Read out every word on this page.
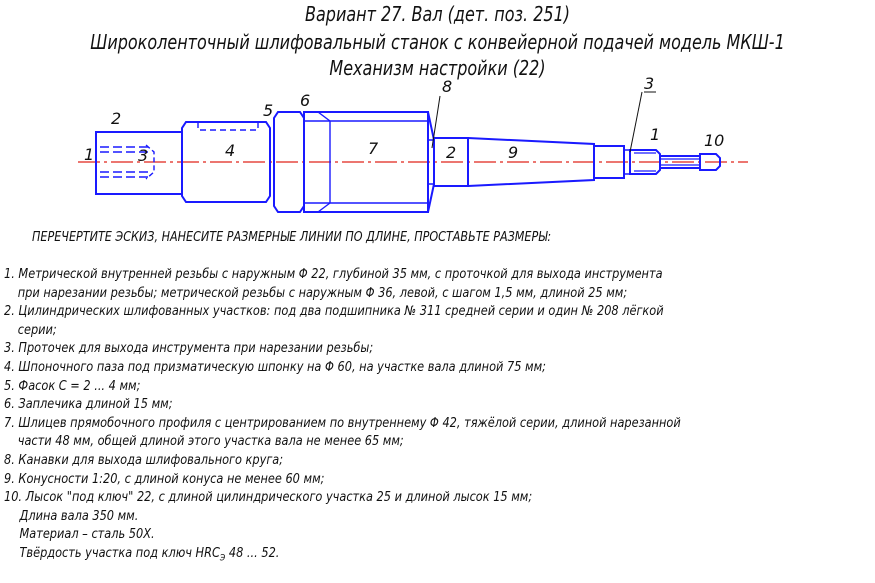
Вариант 27. Вал (дет. поз. 251)
Широколенточный шлифовальный станок с конвейерной подачей модель МКШ-1
Механизм настройки (22)
1
2
3	4
5
6
7
8
2	9
3
1	10
ПЕРЕЧЕРТИТЕ ЭСКИЗ, НАНЕСИТЕ РАЗМЕРНЫЕ ЛИНИИ ПО ДЛИНЕ, ПРОСТАВЬТЕ РАЗМЕРЫ:
1. Метрической внутренней резьбы с наружным Φ 22, глубиной 35 мм, с проточкой для выхода инструмента
при нарезании резьбы; метрической резьбы с наружным Φ 36, левой, с шагом 1,5 мм, длиной 25 мм;
2. Цилиндрических шлифованных участков: под два подшипника № 311 средней серии и один № 208 лёгкой
серии;
3. Проточек для выхода инструмента при нарезании резьбы;
4. Шпоночного паза под призматическую шпонку на Φ 60, на участке вала длиной 75 мм;
5. Фасок С = 2 ... 4 мм;
6. Заплечика длиной 15 мм;
7. Шлицев прямобочного профиля с центрированием по внутреннему Φ 42, тяжёлой серии, длиной нарезанной
части 48 мм, общей длиной этого участка вала не менее 65 мм;
8. Канавки для выхода шлифовального круга;
9. Конусности 1:20, с длиной конуса не менее 60 мм;
10. Лысок "под ключ" 22, с длиной цилиндрического участка 25 и длиной лысок 15 мм;
Длина вала 350 мм.
Материал – сталь 50Х.
Твёрдость участка под ключ $HRC_Э$ 48 ... 52.
